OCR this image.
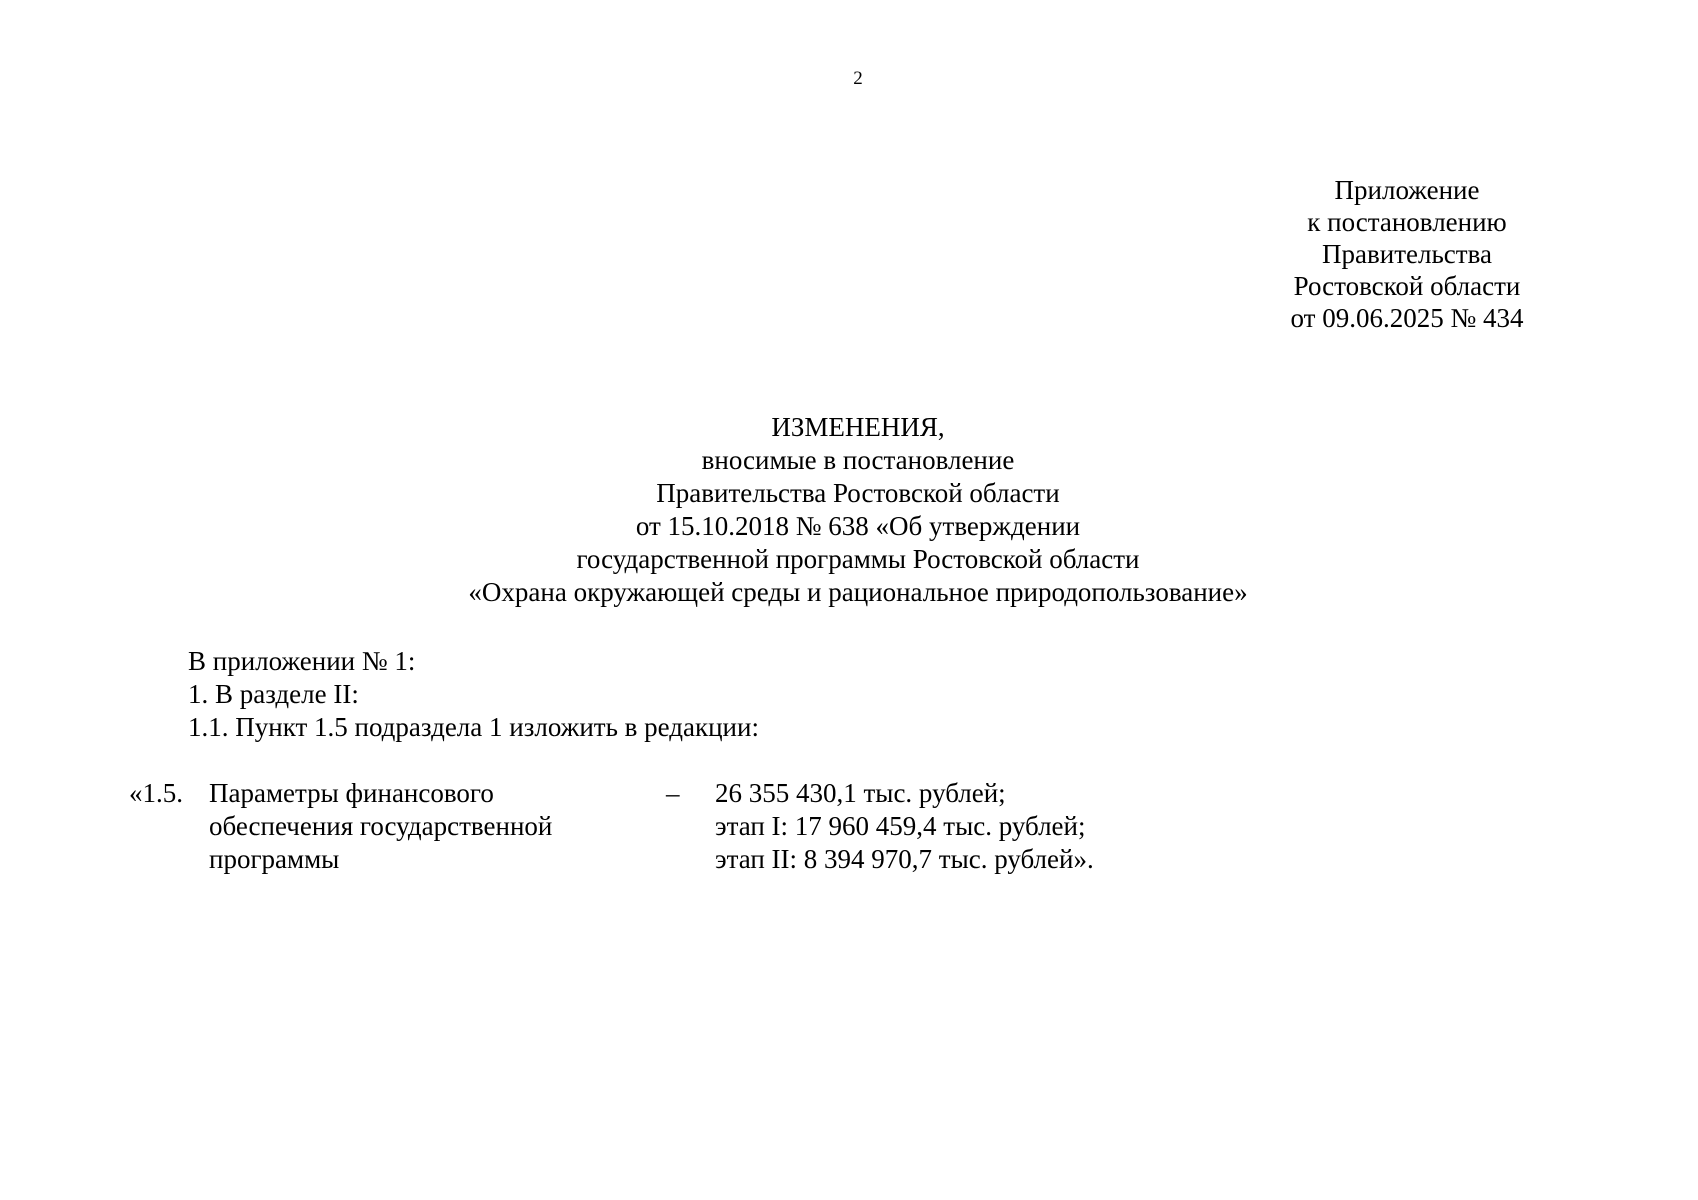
2
Приложение
к постановлению
Правительства
Ростовской области
от 09.06.2025 № 434
ИЗМЕНЕНИЯ,
вносимые в постановление
Правительства Ростовской области
от 15.10.2018 № 638 «Об утверждении
государственной программы Ростовской области
«Охрана окружающей среды и рациональное природопользование»
В приложении № 1:
1. В разделе II:
1.1. Пункт 1.5 подраздела 1 изложить в редакции:
«1.5. Параметры финансового
обеспечения государственной
программы
– 26 355 430,1 тыс. рублей;
этап I: 17 960 459,4 тыс. рублей;
этап II: 8 394 970,7 тыс. рублей».
